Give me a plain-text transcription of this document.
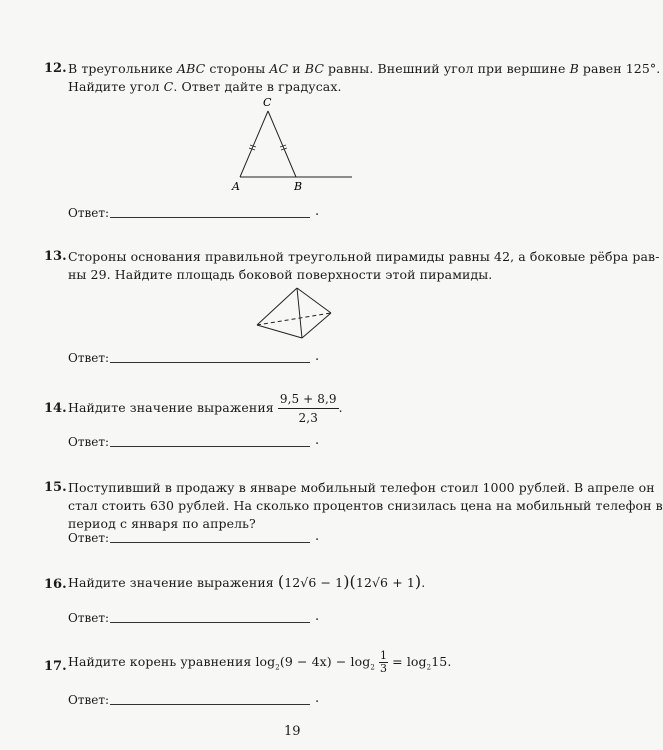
12. В треугольнике ABC стороны AC и BC равны. Внешний угол при вершине B равен 125°.
Найдите угол C. Ответ дайте в градусах.
A	B
C
Ответ:	.
13. Стороны основания правильной треугольной пирамиды равны 42, а боковые рёбра рав-
ны 29. Найдите площадь боковой поверхности этой пирамиды.
Ответ:	.
14. Найдите значение выражения $\frac{9,5 + 8,9}{2,3}$ .
Ответ:	.
15. Поступивший в продажу в январе мобильный телефон стоил 1000 рублей. В апреле он
стал стоить 630 рублей. На сколько процентов снизилась цена на мобильный телефон в
период с января по апрель?
Ответ:	.
16. Найдите значение выражения (12√6 − 1)(12√6 + 1).
Ответ:	.
17. Найдите корень уравнения $\log_2(9 - 4x) - \log_2 \frac{1}{3} = \log_215$.
Ответ:	.
19
